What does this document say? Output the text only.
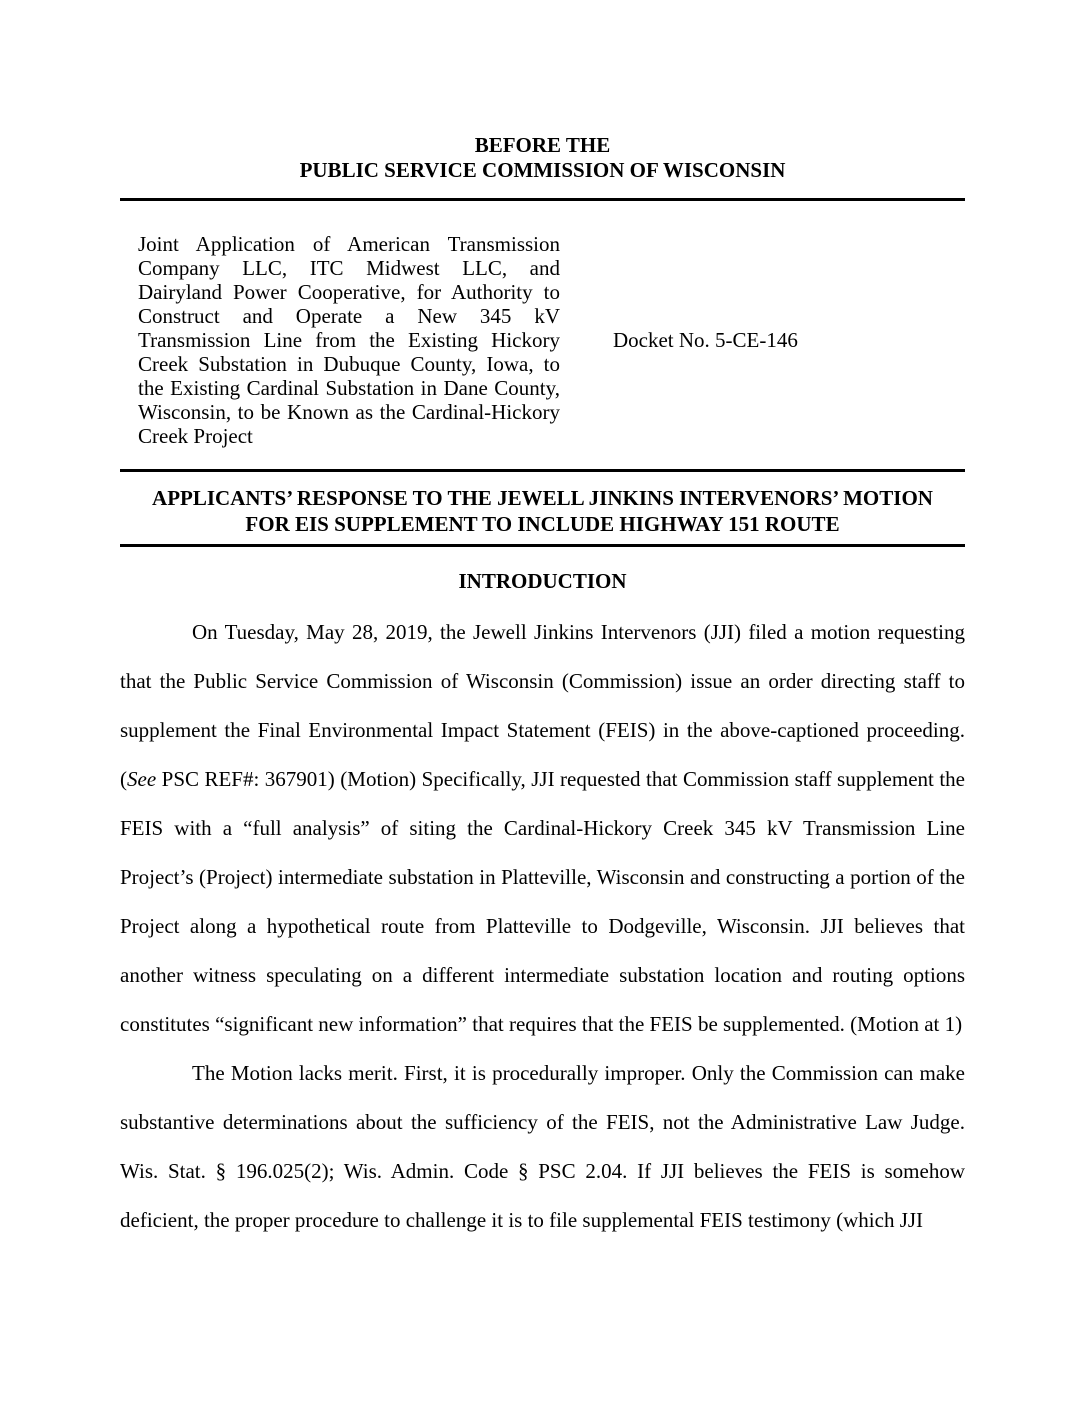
BEFORE THE
PUBLIC SERVICE COMMISSION OF WISCONSIN
Joint Application of American Transmission Company LLC, ITC Midwest LLC, and Dairyland Power Cooperative, for Authority to Construct and Operate a New 345 kV Transmission Line from the Existing Hickory Creek Substation in Dubuque County, Iowa, to the Existing Cardinal Substation in Dane County, Wisconsin, to be Known as the Cardinal-Hickory Creek Project
Docket No. 5-CE-146
APPLICANTS’ RESPONSE TO THE JEWELL JINKINS INTERVENORS’ MOTION
FOR EIS SUPPLEMENT TO INCLUDE HIGHWAY 151 ROUTE
INTRODUCTION

On Tuesday, May 28, 2019, the Jewell Jinkins Intervenors (JJI) filed a motion requesting that the Public Service Commission of Wisconsin (Commission) issue an order directing staff to supplement the Final Environmental Impact Statement (FEIS) in the above-captioned proceeding. (See PSC REF#: 367901) (Motion) Specifically, JJI requested that Commission staff supplement the FEIS with a “full analysis” of siting the Cardinal-Hickory Creek 345 kV Transmission Line Project’s (Project) intermediate substation in Platteville, Wisconsin and constructing a portion of the Project along a hypothetical route from Platteville to Dodgeville, Wisconsin. JJI believes that another witness speculating on a different intermediate substation location and routing options constitutes “significant new information” that requires that the FEIS be supplemented. (Motion at 1)

The Motion lacks merit. First, it is procedurally improper. Only the Commission can make substantive determinations about the sufficiency of the FEIS, not the Administrative Law Judge. Wis. Stat. § 196.025(2); Wis. Admin. Code § PSC 2.04. If JJI believes the FEIS is somehow deficient, the proper procedure to challenge it is to file supplemental FEIS testimony (which JJI
